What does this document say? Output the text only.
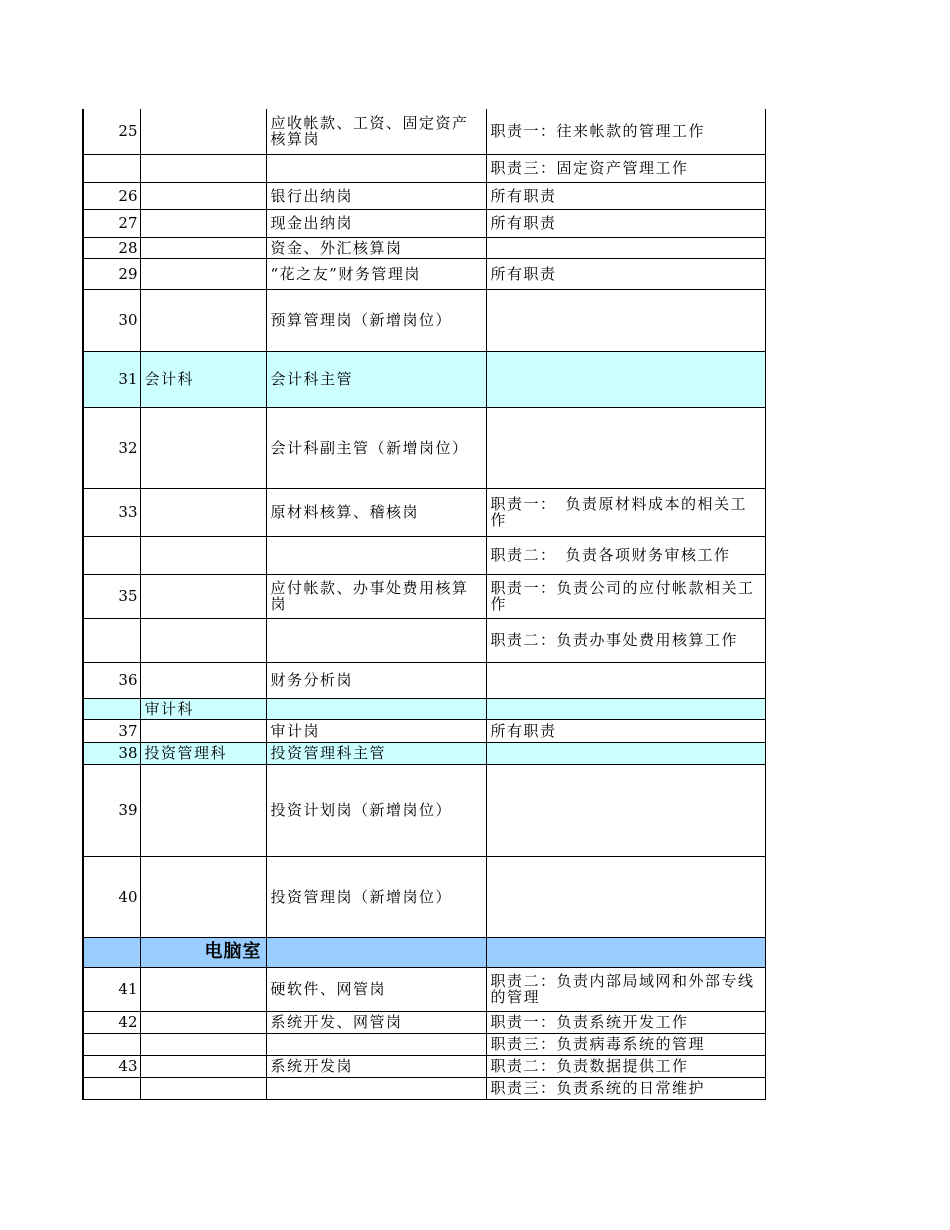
25		应收帐款、工资、固定资产核算岗	职责一：往来帐款的管理工作
			职责三：固定资产管理工作
26		银行出纳岗	所有职责
27		现金出纳岗	所有职责
28		资金、外汇核算岗	
29		“花之友”财务管理岗	所有职责
30		预算管理岗（新增岗位）	
31	会计科	会计科主管	
32		会计科副主管（新增岗位）	
33		原材料核算、稽核岗	职责一：　负责原材料成本的相关工作
			职责二：　负责各项财务审核工作
35		应付帐款、办事处费用核算岗	职责一：负责公司的应付帐款相关工作
			职责二：负责办事处费用核算工作
36		财务分析岗	
	审计科		
37		审计岗	所有职责
38	投资管理科	投资管理科主管	
39		投资计划岗（新增岗位）	
40		投资管理岗（新增岗位）	
	电脑室		
41		硬软件、网管岗	职责二：负责内部局域网和外部专线的管理
42		系统开发、网管岗	职责一：负责系统开发工作
			职责三：负责病毒系统的管理
43		系统开发岗	职责二：负责数据提供工作
			职责三：负责系统的日常维护
